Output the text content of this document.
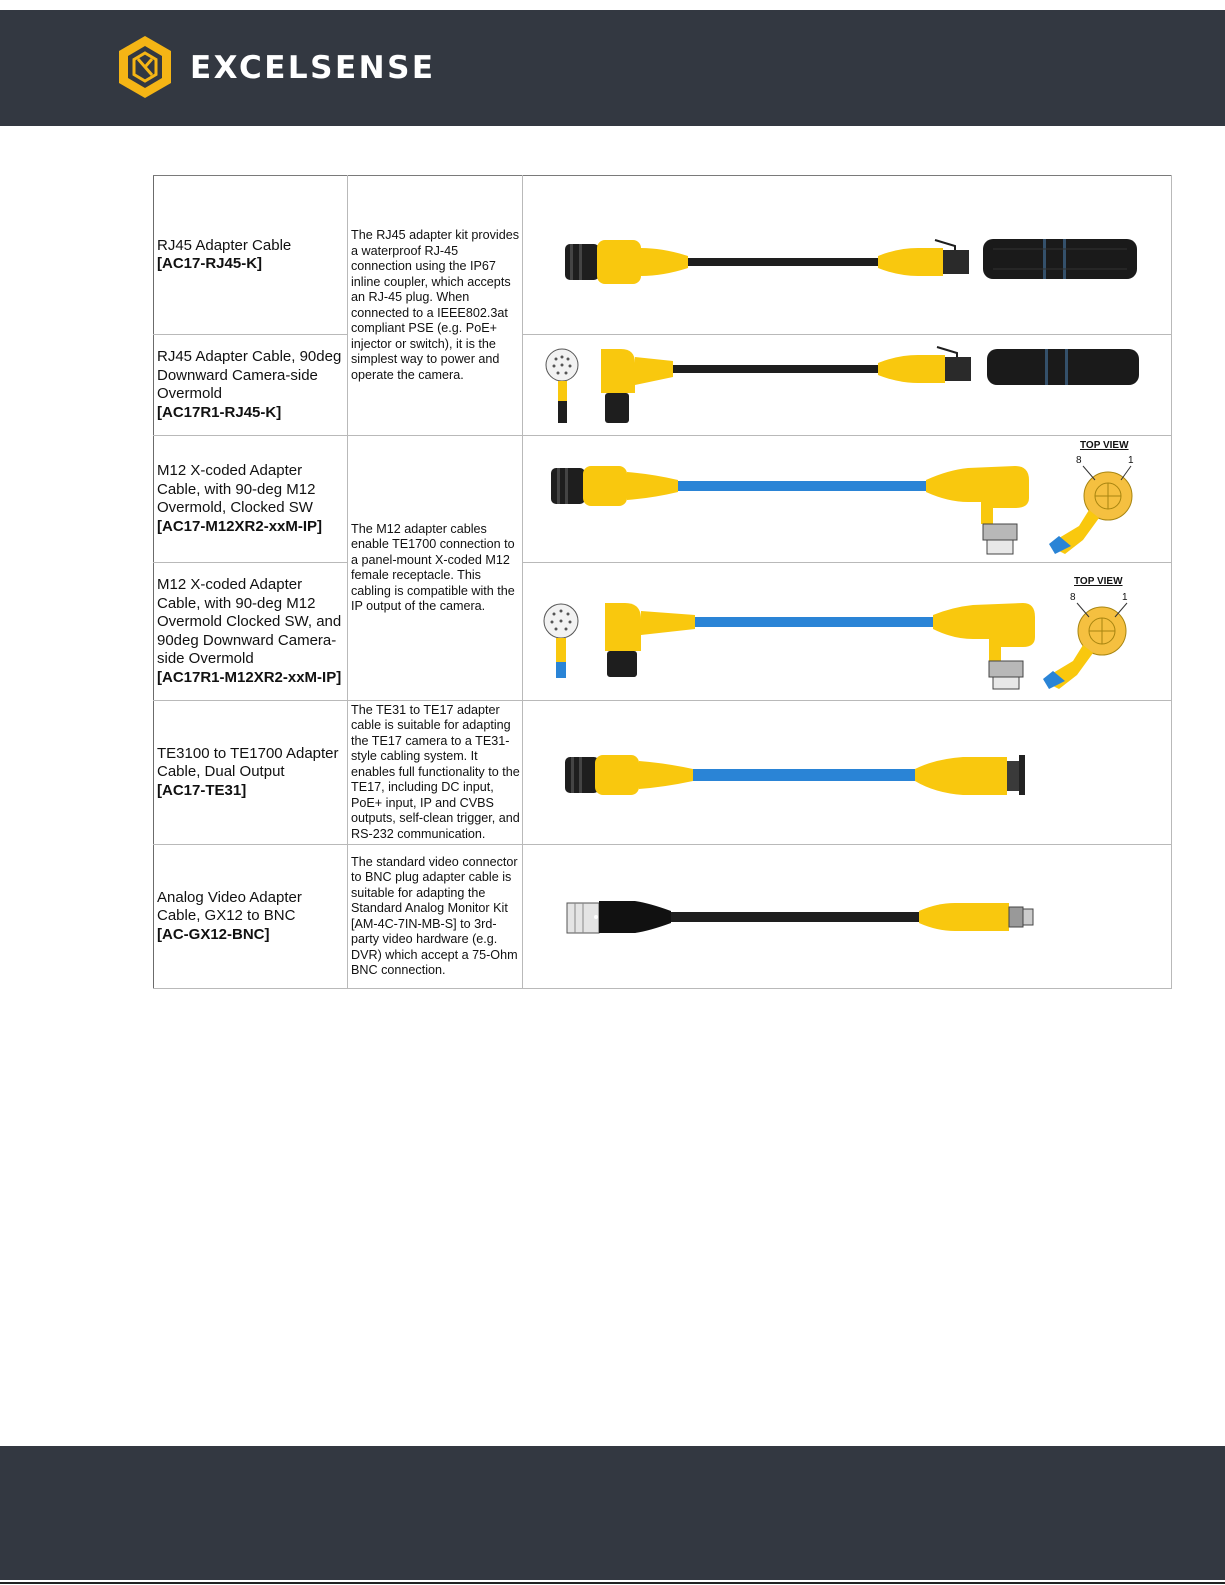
EXCELSENSE
RJ45 Adapter Cable
[AC17-RJ45-K]	The RJ45 adapter kit provides a waterproof RJ-45 connection using the IP67 inline coupler, which accepts an RJ-45 plug. When connected to a IEEE802.3at compliant PSE (e.g. PoE+ injector or switch), it is the simplest way to power and operate the camera.	

RJ45 Adapter Cable, 90deg Downward Camera-side Overmold
[AC17R1-RJ45-K]

M12 X-coded Adapter Cable, with 90-deg M12 Overmold, Clocked SW
[AC17-M12XR2-xxM-IP]	The M12 adapter cables enable TE1700 connection to a panel-mount X-coded M12 female receptacle. This cabling is compatible with the IP output of the camera.	TOP VIEW
8 1

M12 X-coded Adapter Cable, with 90-deg M12 Overmold Clocked SW, and 90deg Downward Camera-side Overmold
[AC17R1-M12XR2-xxM-IP]		TOP VIEW
8 1

TE3100 to TE1700 Adapter Cable, Dual Output
[AC17-TE31]	The TE31 to TE17 adapter cable is suitable for adapting the TE17 camera to a TE31-style cabling system. It enables full functionality to the TE17, including DC input, PoE+ input, IP and CVBS outputs, self-clean trigger, and RS-232 communication.	

Analog Video Adapter Cable, GX12 to BNC
[AC-GX12-BNC]	The standard video connector to BNC plug adapter cable is suitable for adapting the Standard Analog Monitor Kit [AM-4C-7IN-MB-S] to 3rd-party video hardware (e.g. DVR) which accept a 75-Ohm BNC connection.	
